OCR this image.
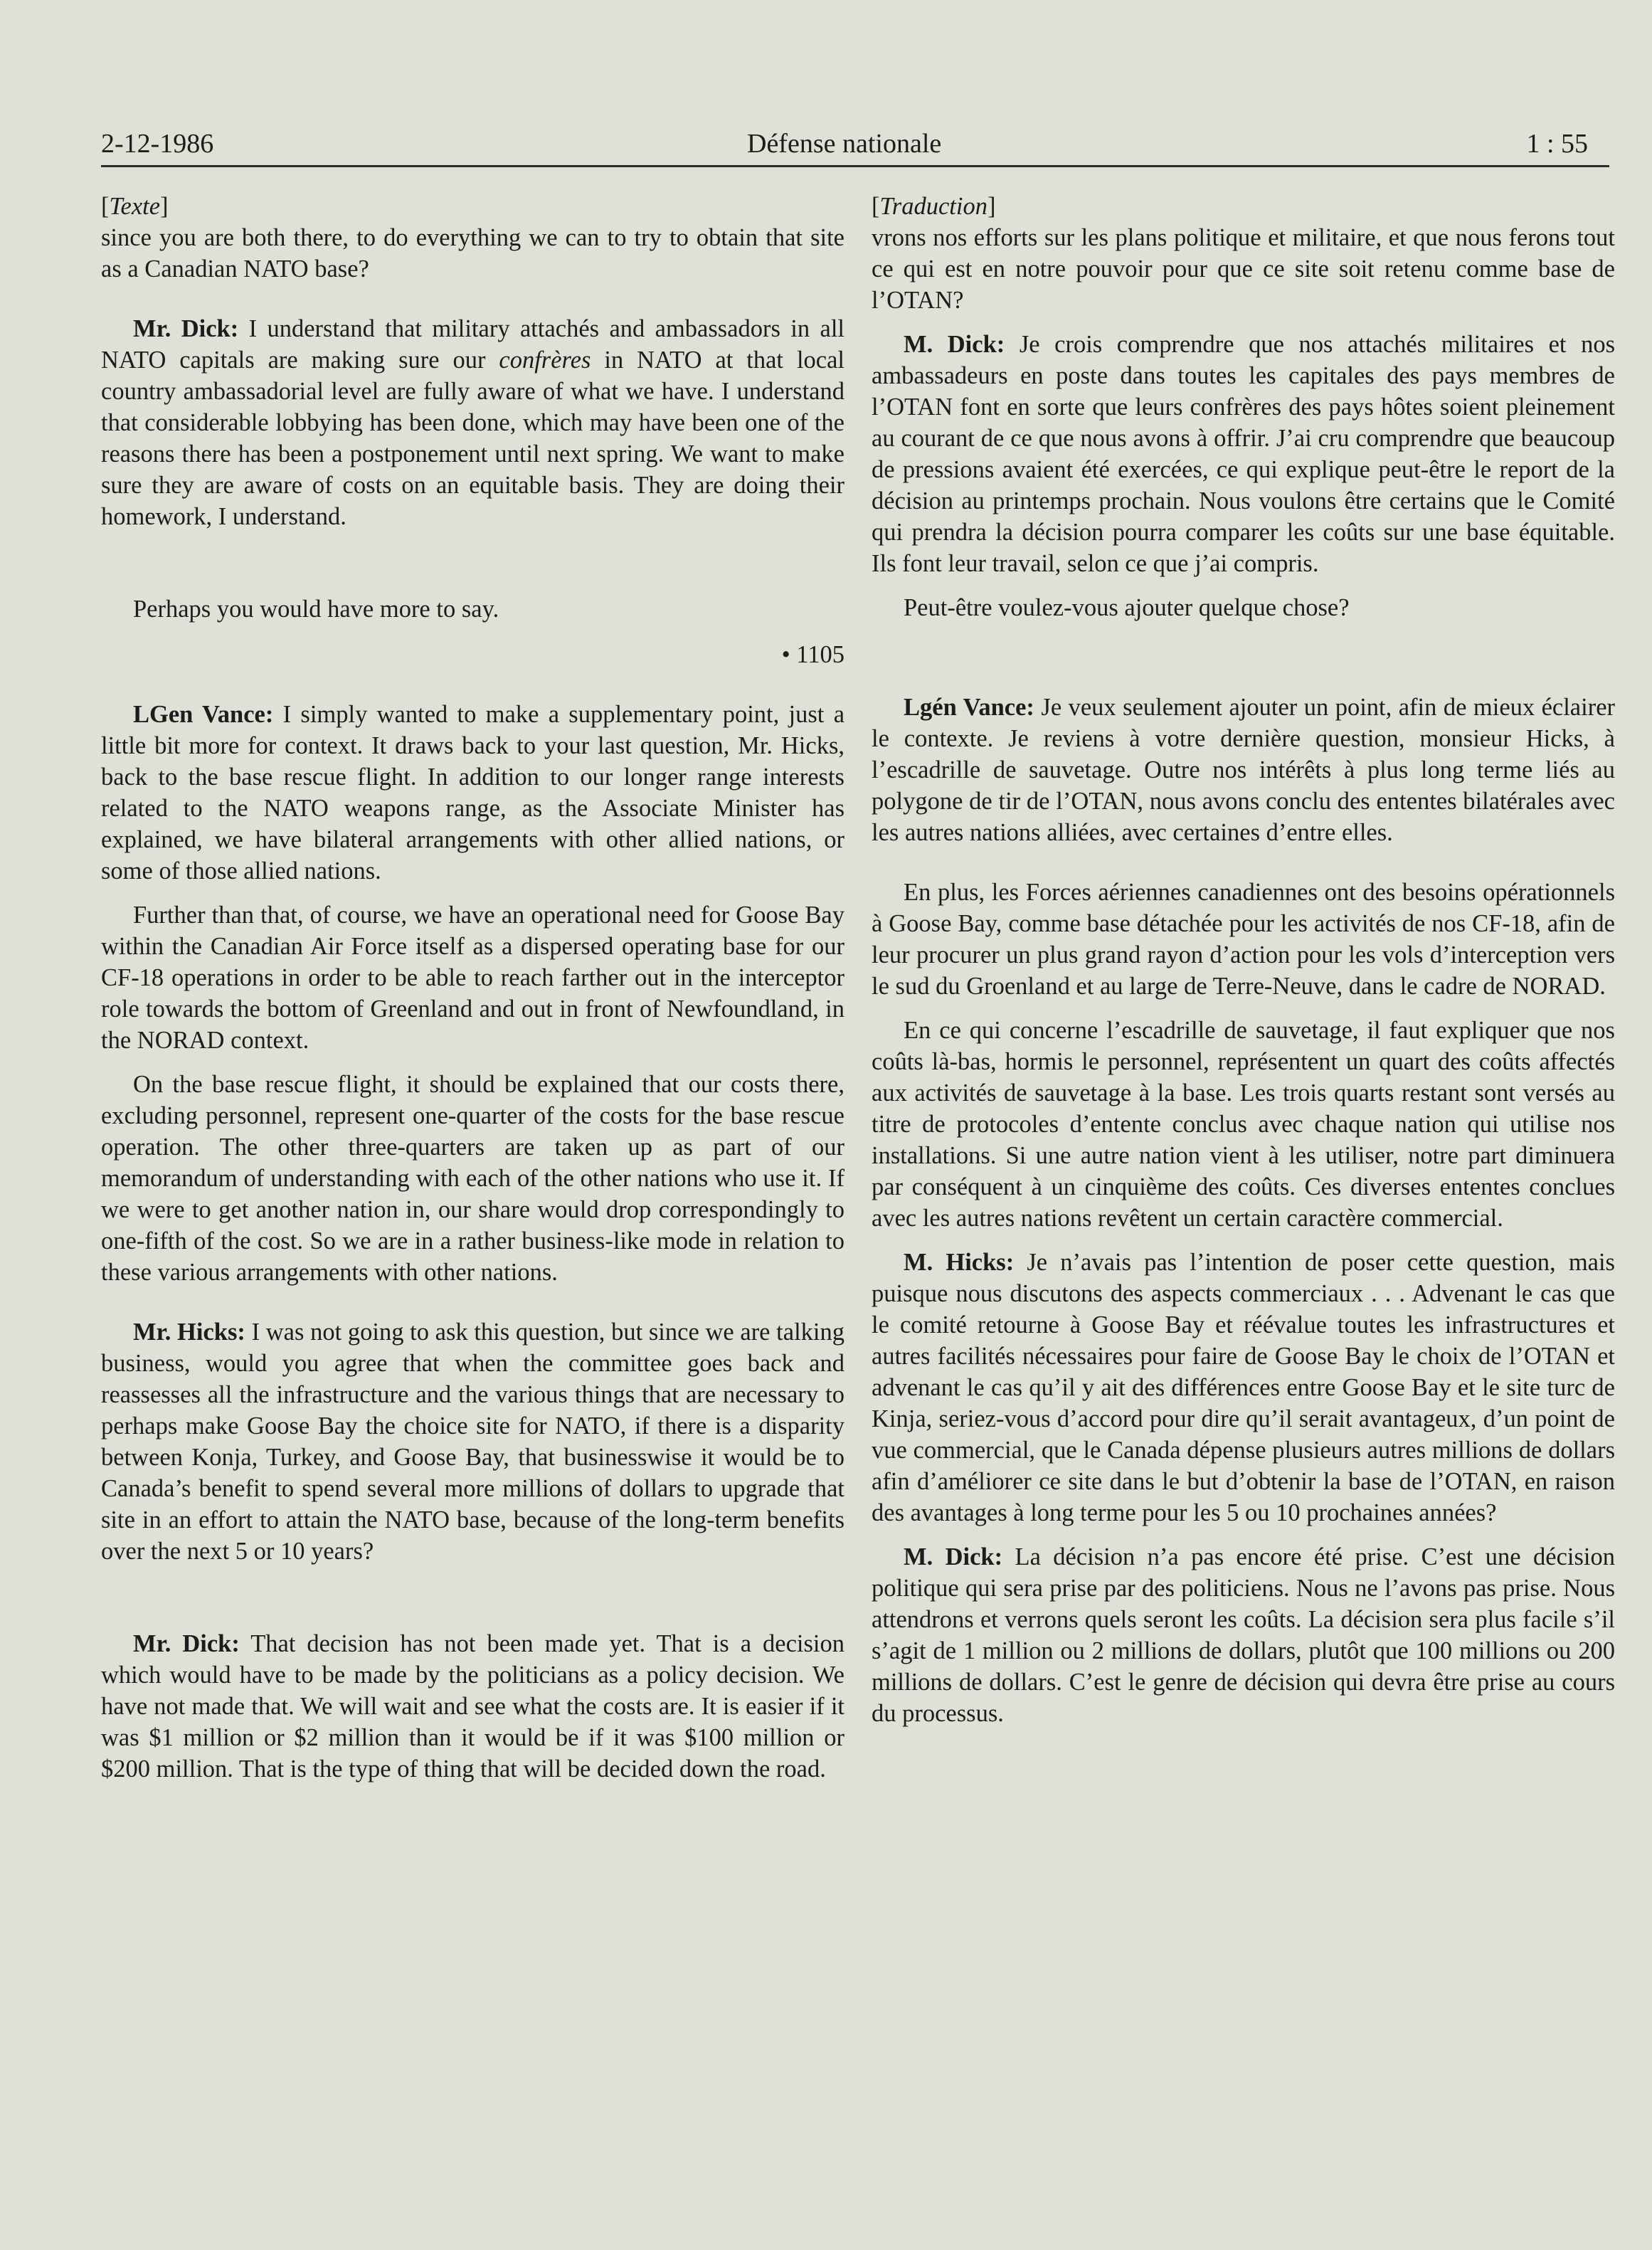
2-12-1986	Défense nationale	1 : 55

[Texte]

since you are both there, to do everything we can to try to obtain that site as a Canadian NATO base?

Mr. Dick: I understand that military attachés and ambassadors in all NATO capitals are making sure our confrères in NATO at that local country ambassadorial level are fully aware of what we have. I understand that considerable lobbying has been done, which may have been one of the reasons there has been a postponement until next spring. We want to make sure they are aware of costs on an equitable basis. They are doing their homework, I understand.

Perhaps you would have more to say.

• 1105

LGen Vance: I simply wanted to make a supplementary point, just a little bit more for context. It draws back to your last question, Mr. Hicks, back to the base rescue flight. In addition to our longer range interests related to the NATO weapons range, as the Associate Minister has explained, we have bilateral arrangements with other allied nations, or some of those allied nations.

Further than that, of course, we have an operational need for Goose Bay within the Canadian Air Force itself as a dispersed operating base for our CF-18 operations in order to be able to reach farther out in the interceptor role towards the bottom of Greenland and out in front of Newfoundland, in the NORAD context.

On the base rescue flight, it should be explained that our costs there, excluding personnel, represent one-quarter of the costs for the base rescue operation. The other three-quarters are taken up as part of our memorandum of understanding with each of the other nations who use it. If we were to get another nation in, our share would drop correspondingly to one-fifth of the cost. So we are in a rather business-like mode in relation to these various arrangements with other nations.

Mr. Hicks: I was not going to ask this question, but since we are talking business, would you agree that when the committee goes back and reassesses all the infrastructure and the various things that are necessary to perhaps make Goose Bay the choice site for NATO, if there is a disparity between Konja, Turkey, and Goose Bay, that businesswise it would be to Canada’s benefit to spend several more millions of dollars to upgrade that site in an effort to attain the NATO base, because of the long-term benefits over the next 5 or 10 years?

Mr. Dick: That decision has not been made yet. That is a decision which would have to be made by the politicians as a policy decision. We have not made that. We will wait and see what the costs are. It is easier if it was $1 million or $2 million than it would be if it was $100 million or $200 million. That is the type of thing that will be decided down the road.

[Traduction]

vrons nos efforts sur les plans politique et militaire, et que nous ferons tout ce qui est en notre pouvoir pour que ce site soit retenu comme base de l’OTAN?

M. Dick: Je crois comprendre que nos attachés militaires et nos ambassadeurs en poste dans toutes les capitales des pays membres de l’OTAN font en sorte que leurs confrères des pays hôtes soient pleinement au courant de ce que nous avons à offrir. J’ai cru comprendre que beaucoup de pressions avaient été exercées, ce qui explique peut-être le report de la décision au printemps prochain. Nous voulons être certains que le Comité qui prendra la décision pourra comparer les coûts sur une base équitable. Ils font leur travail, selon ce que j’ai compris.

Peut-être voulez-vous ajouter quelque chose?

Lgén Vance: Je veux seulement ajouter un point, afin de mieux éclairer le contexte. Je reviens à votre dernière question, monsieur Hicks, à l’escadrille de sauvetage. Outre nos intérêts à plus long terme liés au polygone de tir de l’OTAN, nous avons conclu des ententes bilatérales avec les autres nations alliées, avec certaines d’entre elles.

En plus, les Forces aériennes canadiennes ont des besoins opérationnels à Goose Bay, comme base détachée pour les activités de nos CF-18, afin de leur procurer un plus grand rayon d’action pour les vols d’interception vers le sud du Groenland et au large de Terre-Neuve, dans le cadre de NORAD.

En ce qui concerne l’escadrille de sauvetage, il faut expliquer que nos coûts là-bas, hormis le personnel, représentent un quart des coûts affectés aux activités de sauvetage à la base. Les trois quarts restant sont versés au titre de protocoles d’entente conclus avec chaque nation qui utilise nos installations. Si une autre nation vient à les utiliser, notre part diminuera par conséquent à un cinquième des coûts. Ces diverses ententes conclues avec les autres nations revêtent un certain caractère commercial.

M. Hicks: Je n’avais pas l’intention de poser cette question, mais puisque nous discutons des aspects commerciaux . . . Advenant le cas que le comité retourne à Goose Bay et réévalue toutes les infrastructures et autres facilités nécessaires pour faire de Goose Bay le choix de l’OTAN et advenant le cas qu’il y ait des différences entre Goose Bay et le site turc de Kinja, seriez-vous d’accord pour dire qu’il serait avantageux, d’un point de vue commercial, que le Canada dépense plusieurs autres millions de dollars afin d’améliorer ce site dans le but d’obtenir la base de l’OTAN, en raison des avantages à long terme pour les 5 ou 10 prochaines années?

M. Dick: La décision n’a pas encore été prise. C’est une décision politique qui sera prise par des politiciens. Nous ne l’avons pas prise. Nous attendrons et verrons quels seront les coûts. La décision sera plus facile s’il s’agit de 1 million ou 2 millions de dollars, plutôt que 100 millions ou 200 millions de dollars. C’est le genre de décision qui devra être prise au cours du processus.
